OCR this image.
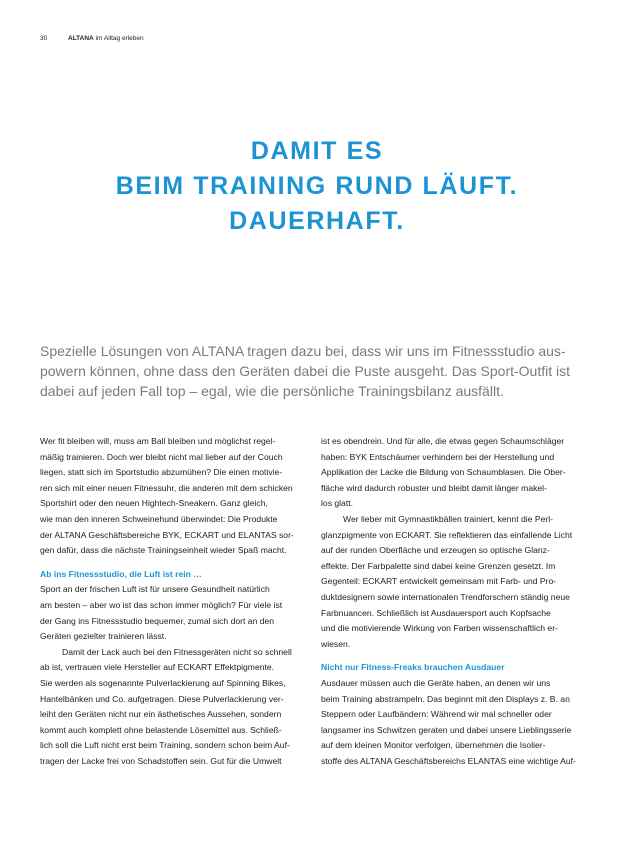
30	ALTANA im Alltag erleben
DAMIT ES
BEIM TRAINING RUND LÄUFT.
DAUERHAFT.
Spezielle Lösungen von ALTANA tragen dazu bei, dass wir uns im Fitnessstudio aus-
powern können, ohne dass den Geräten dabei die Puste ausgeht. Das Sport-Outfit ist
dabei auf jeden Fall top – egal, wie die persönliche Trainingsbilanz ausfällt.
Wer fit bleiben will, muss am Ball bleiben und möglichst regel-
mäßig trainieren. Doch wer bleibt nicht mal lieber auf der Couch
liegen, statt sich im Sportstudio abzumühen? Die einen motivie-
ren sich mit einer neuen Fitnessuhr, die anderen mit dem schicken
Sportshirt oder den neuen Hightech-Sneakern. Ganz gleich,
wie man den inneren Schweinehund überwindet: Die Produkte
der ALTANA Geschäftsbereiche BYK, ECKART und ELANTAS sor-
gen dafür, dass die nächste Trainingseinheit wieder Spaß macht.
Ab ins Fitnessstudio, die Luft ist rein …
Sport an der frischen Luft ist für unsere Gesundheit natürlich
am besten – aber wo ist das schon immer möglich? Für viele ist
der Gang ins Fitnessstudio bequemer, zumal sich dort an den
Geräten gezielter trainieren lässt.
Damit der Lack auch bei den Fitnessgeräten nicht so schnell
ab ist, vertrauen viele Hersteller auf ECKART Effektpigmente.
Sie werden als sogenannte Pulverlackierung auf Spinning Bikes,
Hantelbänken und Co. aufgetragen. Diese Pulverlackierung ver-
leiht den Geräten nicht nur ein ästhetisches Aussehen, sondern
kommt auch komplett ohne belastende Lösemittel aus. Schließ-
lich soll die Luft nicht erst beim Training, sondern schon beim Auf-
tragen der Lacke frei von Schadstoffen sein. Gut für die Umwelt
ist es obendrein. Und für alle, die etwas gegen Schaumschläger
haben: BYK Entschäumer verhindern bei der Herstellung und
Applikation der Lacke die Bildung von Schaumblasen. Die Ober-
fläche wird dadurch robuster und bleibt damit länger makel-
los glatt.
Wer lieber mit Gymnastikbällen trainiert, kennt die Perl-
glanzpigmente von ECKART. Sie reflektieren das einfallende Licht
auf der runden Oberfläche und erzeugen so optische Glanz-
effekte. Der Farbpalette sind dabei keine Grenzen gesetzt. Im
Gegenteil: ECKART entwickelt gemeinsam mit Farb- und Pro-
duktdesignern sowie internationalen Trendforschern ständig neue
Farbnuancen. Schließlich ist Ausdauersport auch Kopfsache
und die motivierende Wirkung von Farben wissenschaftlich er-
wiesen.
Nicht nur Fitness-Freaks brauchen Ausdauer
Ausdauer müssen auch die Geräte haben, an denen wir uns
beim Training abstrampeln. Das beginnt mit den Displays z. B. an
Steppern oder Laufbändern: Während wir mal schneller oder
langsamer ins Schwitzen geraten und dabei unsere Lieblingsserie
auf dem kleinen Monitor verfolgen, übernehmen die Isolier-
stoffe des ALTANA Geschäftsbereichs ELANTAS eine wichtige Auf-
